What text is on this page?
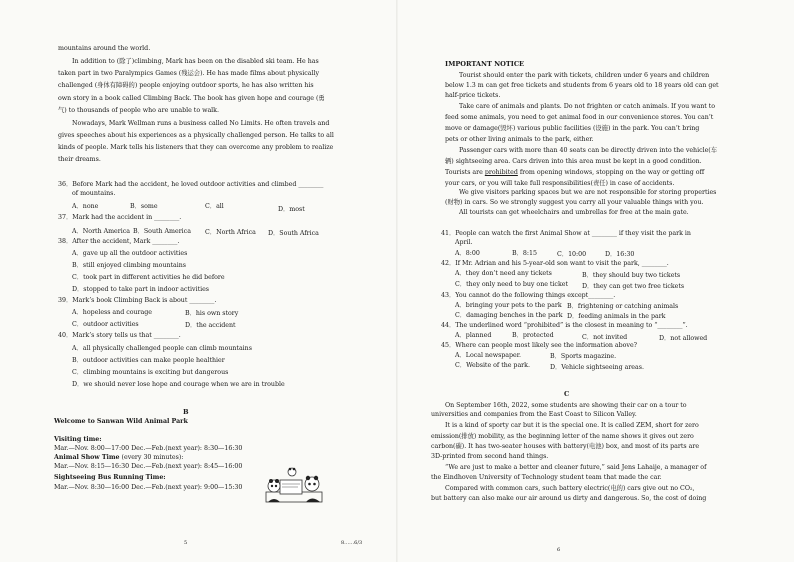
mountains around the world.
In addition to (除了)climbing, Mark has been on the disabled ski team. He has
taken part in two Paralympics Games (残运会). He has made films about physically
challenged (身体有障碍的) people enjoying outdoor sports, he has also written his
own story in a book called Climbing Back. The book has given hope and courage (勇
气) to thousands of people who are unable to walk.
Nowadays, Mark Wellman runs a business called No Limits. He often travels and
gives speeches about his experiences as a physically challenged person. He talks to all
kinds of people. Mark tells his listeners that they can overcome any problem to realize
their dreams.
36．Before Mark had the accident, he loved outdoor activities and climbed ________
of mountains.
A．none	B．some	C．all	D．most
37．Mark had the accident in ________.
A．North America B．South America C．North Africa D．South Africa
38．After the accident, Mark ________.
A．gave up all the outdoor activities
B．still enjoyed climbing mountains
C．took part in different activities he did before
D．stopped to take part in indoor activities
39．Mark’s book Climbing Back is about ________.
A．hopeless and courage	B．his own story
C．outdoor activities	D．the accident
40．Mark’s story tells us that ________.
A．all physically challenged people can climb mountains
B．outdoor activities can make people healthier
C．climbing mountains is exciting but dangerous
D．we should never lose hope and courage when we are in trouble
B
Welcome to Sanwan Wild Animal Park
Visiting time:
Mar.—Nov. 8:00—17:00 Dec.—Feb.(next year): 8:30—16:30
Animal Show Time (every 30 minutes):
Mar.—Nov. 8:15—16:30 Dec.—Feb.(next year): 8:45—16:00
Sightseeing Bus Running Time:
Mar.—Nov. 8:30—16:00 Dec.—Feb.(next year): 9:00—15:30
5
IMPORTANT NOTICE
Tourist should enter the park with tickets, children under 6 years and children
below 1.3 m can get free tickets and students from 6 years old to 18 years old can get
half-price tickets.
Take care of animals and plants. Do not frighten or catch animals. If you want to
feed some animals, you need to get animal food in our convenience stores. You can’t
move or damage(毁坏) various public facilities (设施) in the park. You can’t bring
pets or other living animals to the park, either.
Passenger cars with more than 40 seats can be directly driven into the vehicle(车
辆) sightseeing area. Cars driven into this area must be kept in a good condition.
Tourists are prohibited from opening windows, stopping on the way or getting off
your cars, or you will take full responsibilities(责任) in case of accidents.
We give visitors parking spaces but we are not responsible for storing properties
(财物) in cars. So we strongly suggest you carry all your valuable things with you.
All tourists can get wheelchairs and umbrellas for free at the main gate.
41．People can watch the first Animal Show at ________ if they visit the park in
April.
A．8:00	B．8:15	C．10:00	D．16:30
42．If Mr. Adrian and his 5-year-old son want to visit the park, ________.
A．they don’t need any tickets	B．they should buy two tickets
C．they only need to buy one ticket D．they can get two free tickets
43．You cannot do the following things except________.
A．bringing your pets to the park B．frightening or catching animals
C．damaging benches in the park D．feeding animals in the park
44．The underlined word “prohibited” is the closest in meaning to “________”.
A．planned	B．protected	C．not invited	D．not allowed
45．Where can people most likely see the information above?
A．Local newspaper.	B．Sports magazine.
C．Website of the park.	D．Vehicle sightseeing areas.
C
On September 16th, 2022, some students are showing their car on a tour to
universities and companies from the East Coast to Silicon Valley.
It is a kind of sporty car but it is the special one. It is called ZEM, short for zero
emission(排放) mobility, as the beginning letter of the name shows it gives out zero
carbon(碳). It has two-seater houses with battery(电池) box, and most of its parts are
3D-printed from second hand things.
“We are just to make a better and cleaner future,” said Jens Lahaije, a manager of
the Eindhoven University of Technology student team that made the car.
Compared with common cars, such battery electric(电的) cars give out no CO₂,
but battery can also make our air around us dirty and dangerous. So, the cost of doing
8……6/3
6
